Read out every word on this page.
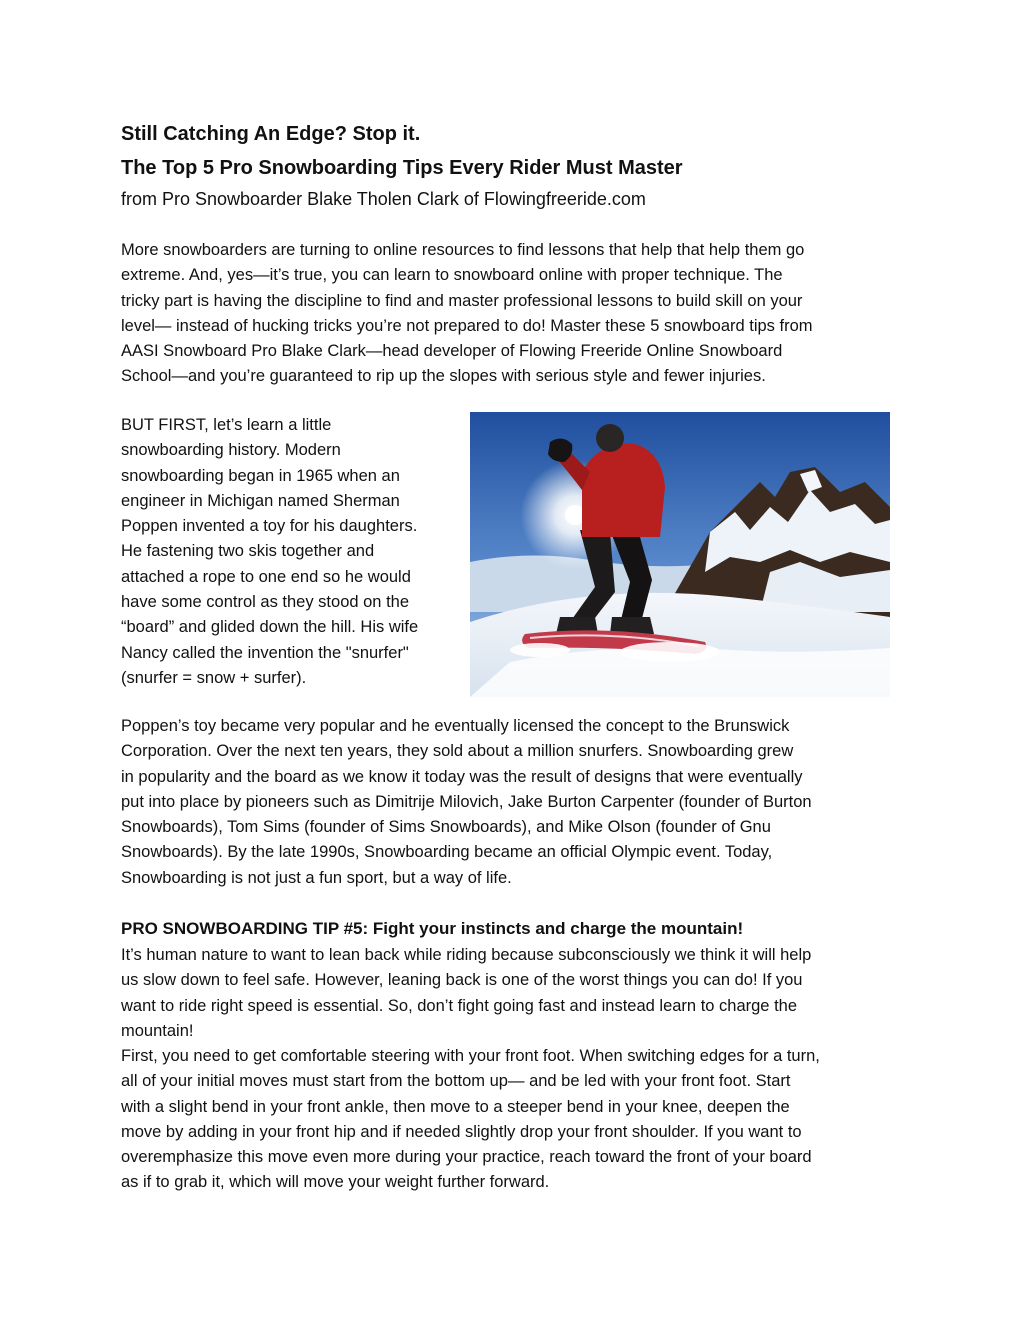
Still Catching An Edge? Stop it.
The Top 5 Pro Snowboarding Tips Every Rider Must Master

from Pro Snowboarder Blake Tholen Clark of Flowingfreeride.com

More snowboarders are turning to online resources to find lessons that help that help them go
extreme. And, yes—it’s true, you can learn to snowboard online with proper technique. The
tricky part is having the discipline to find and master professional lessons to build skill on your
level— instead of hucking tricks you’re not prepared to do! Master these 5 snowboard tips from
AASI Snowboard Pro Blake Clark—head developer of Flowing Freeride Online Snowboard
School—and you’re guaranteed to rip up the slopes with serious style and fewer injuries.

BUT FIRST, let’s learn a little
snowboarding history. Modern
snowboarding began in 1965 when an
engineer in Michigan named Sherman
Poppen invented a toy for his daughters.
He fastening two skis together and
attached a rope to one end so he would
have some control as they stood on the
“board” and glided down the hill. His wife
Nancy called the invention the "snurfer"
(snurfer = snow + surfer).

Poppen’s toy became very popular and he eventually licensed the concept to the Brunswick
Corporation. Over the next ten years, they sold about a million snurfers. Snowboarding grew
in popularity and the board as we know it today was the result of designs that were eventually
put into place by pioneers such as Dimitrije Milovich, Jake Burton Carpenter (founder of Burton
Snowboards), Tom Sims (founder of Sims Snowboards), and Mike Olson (founder of Gnu
Snowboards). By the late 1990s, Snowboarding became an official Olympic event. Today,
Snowboarding is not just a fun sport, but a way of life.

PRO SNOWBOARDING TIP #5: Fight your instincts and charge the mountain!

It’s human nature to want to lean back while riding because subconsciously we think it will help
us slow down to feel safe. However, leaning back is one of the worst things you can do! If you
want to ride right speed is essential. So, don’t fight going fast and instead learn to charge the
mountain!

First, you need to get comfortable steering with your front foot. When switching edges for a turn,
all of your initial moves must start from the bottom up— and be led with your front foot. Start
with a slight bend in your front ankle, then move to a steeper bend in your knee, deepen the
move by adding in your front hip and if needed slightly drop your front shoulder. If you want to
overemphasize this move even more during your practice, reach toward the front of your board
as if to grab it, which will move your weight further forward.
